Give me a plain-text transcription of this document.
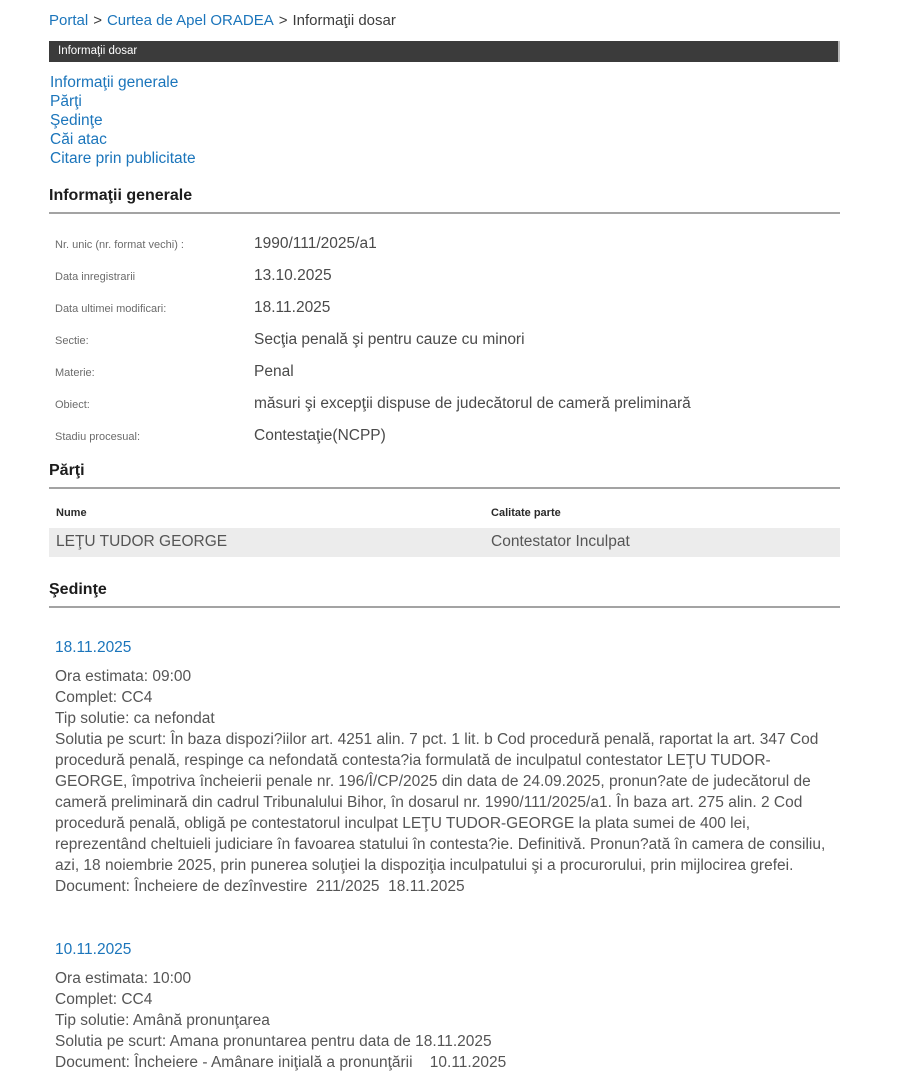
Portal > Curtea de Apel ORADEA > Informaţii dosar
Informaţii dosar
Informaţii generale
Părţi
Şedinţe
Căi atac
Citare prin publicitate
Informaţii generale
Nr. unic (nr. format vechi) :	1990/111/2025/a1
Data inregistrarii	13.10.2025
Data ultimei modificari:	18.11.2025
Sectie:	Secţia penală şi pentru cauze cu minori
Materie:	Penal
Obiect:	măsuri şi excepţii dispuse de judecătorul de cameră preliminară
Stadiu procesual:	Contestaţie(NCPP)
Părţi
Nume	Calitate parte
LEŢU TUDOR GEORGE	Contestator Inculpat
Şedinţe
18.11.2025
Ora estimata: 09:00
Complet: CC4
Tip solutie: ca nefondat
Solutia pe scurt: În baza dispozi?iilor art. 4251 alin. 7 pct. 1 lit. b Cod procedură penală, raportat la art. 347 Cod procedură penală, respinge ca nefondată contesta?ia formulată de inculpatul contestator LEŢU TUDOR-GEORGE, împotriva încheierii penale nr. 196/Î/CP/2025 din data de 24.09.2025, pronun?ate de judecătorul de cameră preliminară din cadrul Tribunalului Bihor, în dosarul nr. 1990/111/2025/a1. În baza art. 275 alin. 2 Cod procedură penală, obligă pe contestatorul inculpat LEŢU TUDOR-GEORGE la plata sumei de 400 lei, reprezentând cheltuieli judiciare în favoarea statului în contesta?ie. Definitivă. Pronun?ată în camera de consiliu, azi, 18 noiembrie 2025, prin punerea soluţiei la dispoziţia inculpatului şi a procurorului, prin mijlocirea grefei.
Document: Încheiere de dezînvestire  211/2025  18.11.2025
10.11.2025
Ora estimata: 10:00
Complet: CC4
Tip solutie: Amână pronunţarea
Solutia pe scurt: Amana pronuntarea pentru data de 18.11.2025
Document: Încheiere - Amânare iniţială a pronunţării    10.11.2025
